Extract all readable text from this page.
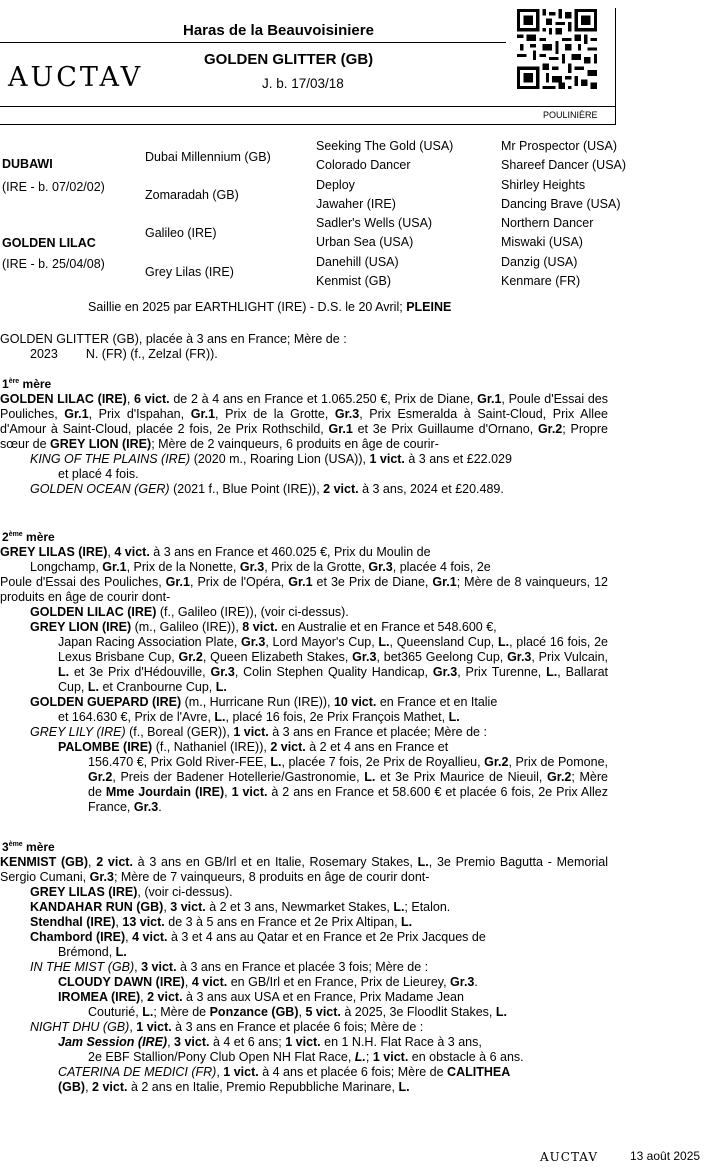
Haras de la Beauvoisiniere
AUCTAV
GOLDEN GLITTER (GB)
J. b. 17/03/18
POULINIÈRE
DUBAWI
(IRE - b. 07/02/02)
GOLDEN LILAC
(IRE - b. 25/04/08)
Dubai Millennium (GB)
Zomaradah (GB)
Galileo (IRE)
Grey Lilas (IRE)
Seeking The Gold (USA)
Colorado Dancer
Deploy
Jawaher (IRE)
Sadler's Wells (USA)
Urban Sea (USA)
Danehill (USA)
Kenmist (GB)
Mr Prospector (USA)
Shareef Dancer (USA)
Shirley Heights
Dancing Brave (USA)
Northern Dancer
Miswaki (USA)
Danzig (USA)
Kenmare (FR)
Saillie en 2025 par EARTHLIGHT (IRE) - D.S. le 20 Avril; PLEINE
GOLDEN GLITTER (GB), placée à 3 ans en France; Mère de :
2023 N. (FR) (f., Zelzal (FR)).
1ère mère
GOLDEN LILAC (IRE), 6 vict. de 2 à 4 ans en France et 1.065.250 €, Prix de Diane, Gr.1, Poule d'Essai des Pouliches, Gr.1, Prix d'Ispahan, Gr.1, Prix de la Grotte, Gr.3, Prix Esmeralda à Saint-Cloud, Prix Allee d'Amour à Saint-Cloud, placée 2 fois, 2e Prix Rothschild, Gr.1 et 3e Prix Guillaume d'Ornano, Gr.2; Propre sœur de GREY LION (IRE); Mère de 2 vainqueurs, 6 produits en âge de courir-
KING OF THE PLAINS (IRE) (2020 m., Roaring Lion (USA)), 1 vict. à 3 ans et £22.029
et placé 4 fois.
GOLDEN OCEAN (GER) (2021 f., Blue Point (IRE)), 2 vict. à 3 ans, 2024 et £20.489.
2ème mère
GREY LILAS (IRE), 4 vict. à 3 ans en France et 460.025 €, Prix du Moulin de
Longchamp, Gr.1, Prix de la Nonette, Gr.3, Prix de la Grotte, Gr.3, placée 4 fois, 2e
Poule d'Essai des Pouliches, Gr.1, Prix de l'Opéra, Gr.1 et 3e Prix de Diane, Gr.1; Mère de 8 vainqueurs, 12 produits en âge de courir dont-
GOLDEN LILAC (IRE) (f., Galileo (IRE)), (voir ci-dessus).
GREY LION (IRE) (m., Galileo (IRE)), 8 vict. en Australie et en France et 548.600 €,
Japan Racing Association Plate, Gr.3, Lord Mayor's Cup, L., Queensland Cup, L., placé 16 fois, 2e Lexus Brisbane Cup, Gr.2, Queen Elizabeth Stakes, Gr.3, bet365 Geelong Cup, Gr.3, Prix Vulcain, L. et 3e Prix d'Hédouville, Gr.3, Colin Stephen Quality Handicap, Gr.3, Prix Turenne, L., Ballarat Cup, L. et Cranbourne Cup, L.
GOLDEN GUEPARD (IRE) (m., Hurricane Run (IRE)), 10 vict. en France et en Italie
et 164.630 €, Prix de l'Avre, L., placé 16 fois, 2e Prix François Mathet, L.
GREY LILY (IRE) (f., Boreal (GER)), 1 vict. à 3 ans en France et placée; Mère de :
PALOMBE (IRE) (f., Nathaniel (IRE)), 2 vict. à 2 et 4 ans en France et
156.470 €, Prix Gold River-FEE, L., placée 7 fois, 2e Prix de Royallieu, Gr.2, Prix de Pomone, Gr.2, Preis der Badener Hotellerie/Gastronomie, L. et 3e Prix Maurice de Nieuil, Gr.2; Mère de Mme Jourdain (IRE), 1 vict. à 2 ans en France et 58.600 € et placée 6 fois, 2e Prix Allez France, Gr.3.
3ème mère
KENMIST (GB), 2 vict. à 3 ans en GB/Irl et en Italie, Rosemary Stakes, L., 3e Premio Bagutta - Memorial Sergio Cumani, Gr.3; Mère de 7 vainqueurs, 8 produits en âge de courir dont-
GREY LILAS (IRE), (voir ci-dessus).
KANDAHAR RUN (GB), 3 vict. à 2 et 3 ans, Newmarket Stakes, L.; Etalon.
Stendhal (IRE), 13 vict. de 3 à 5 ans en France et 2e Prix Altipan, L.
Chambord (IRE), 4 vict. à 3 et 4 ans au Qatar et en France et 2e Prix Jacques de
Brémond, L.
IN THE MIST (GB), 3 vict. à 3 ans en France et placée 3 fois; Mère de :
CLOUDY DAWN (IRE), 4 vict. en GB/Irl et en France, Prix de Lieurey, Gr.3.
IROMEA (IRE), 2 vict. à 3 ans aux USA et en France, Prix Madame Jean
Couturié, L.; Mère de Ponzance (GB), 5 vict. à 2025, 3e Floodlit Stakes, L.
NIGHT DHU (GB), 1 vict. à 3 ans en France et placée 6 fois; Mère de :
Jam Session (IRE), 3 vict. à 4 et 6 ans; 1 vict. en 1 N.H. Flat Race à 3 ans,
2e EBF Stallion/Pony Club Open NH Flat Race, L.; 1 vict. en obstacle à 6 ans.
CATERINA DE MEDICI (FR), 1 vict. à 4 ans et placée 6 fois; Mère de CALITHEA
(GB), 2 vict. à 2 ans en Italie, Premio Repubbliche Marinare, L.
AUCTAV	13 août 2025
